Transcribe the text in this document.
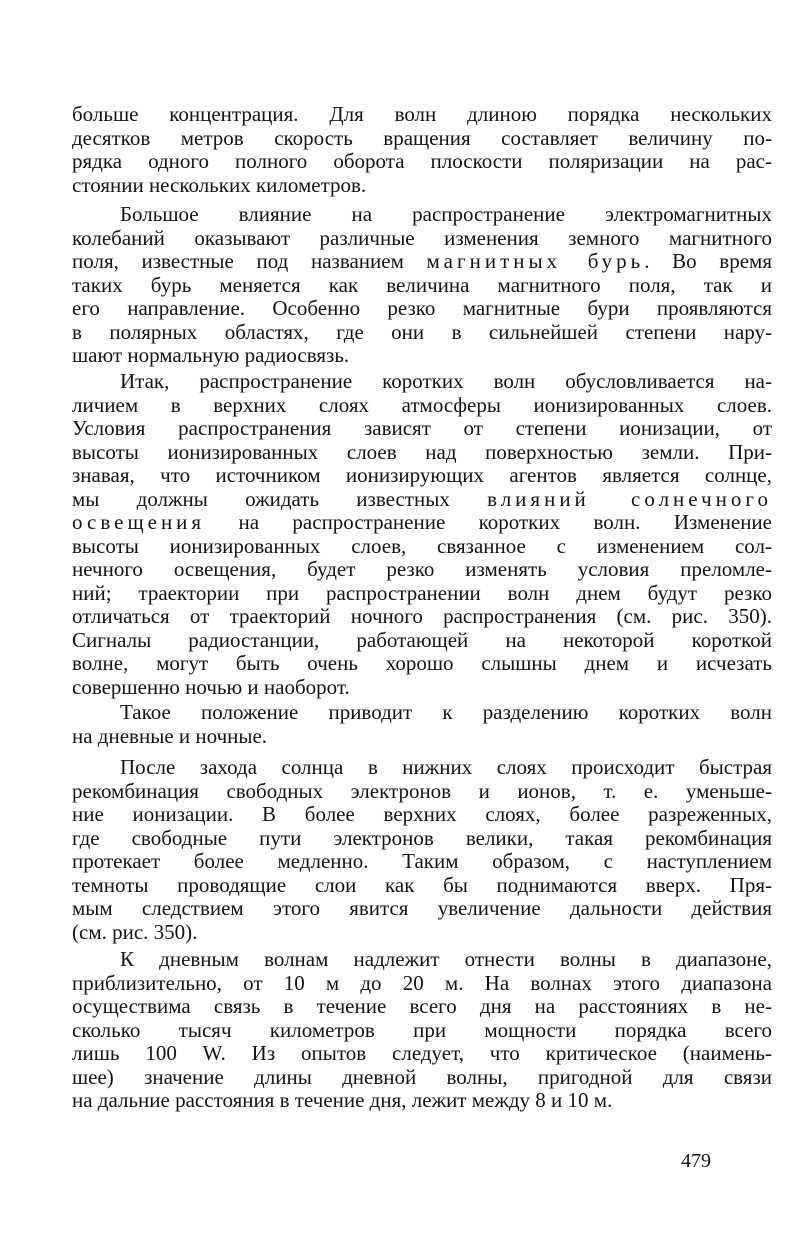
больше концентрация. Для волн длиною порядка нескольких
десятков метров скорость вращения составляет величину по-
рядка одного полного оборота плоскости поляризации на рас-
стоянии нескольких километров.
Большое влияние на распространение электромагнитных
колебаний оказывают различные изменения земного магнитного
поля, известные под названием магнитных бурь. Во время
таких бурь меняется как величина магнитного поля, так и
его направление. Особенно резко магнитные бури проявляются
в полярных областях, где они в сильнейшей степени нару-
шают нормальную радиосвязь.
Итак, распространение коротких волн обусловливается на-
личием в верхних слоях атмосферы ионизированных слоев.
Условия распространения зависят от степени ионизации, от
высоты ионизированных слоев над поверхностью земли. При-
знавая, что источником ионизирующих агентов является солнце,
мы должны ожидать известных влияний солнечного
освещения на распространение коротких волн. Изменение
высоты ионизированных слоев, связанное с изменением сол-
нечного освещения, будет резко изменять условия преломле-
ний; траектории при распространении волн днем будут резко
отличаться от траекторий ночного распространения (см. рис. 350).
Сигналы радиостанции, работающей на некоторой короткой
волне, могут быть очень хорошо слышны днем и исчезать
совершенно ночью и наоборот.
Такое положение приводит к разделению коротких волн
на дневные и ночные.
После захода солнца в нижних слоях происходит быстрая
рекомбинация свободных электронов и ионов, т. е. уменьше-
ние ионизации. В более верхних слоях, более разреженных,
где свободные пути электронов велики, такая рекомбинация
протекает более медленно. Таким образом, с наступлением
темноты проводящие слои как бы поднимаются вверх. Пря-
мым следствием этого явится увеличение дальности действия
(см. рис. 350).
К дневным волнам надлежит отнести волны в диапазоне,
приблизительно, от 10 м до 20 м. На волнах этого диапазона
осуществима связь в течение всего дня на расстояниях в не-
сколько тысяч километров при мощности порядка всего
лишь 100 W. Из опытов следует, что критическое (наимень-
шее) значение длины дневной волны, пригодной для связи
на дальние расстояния в течение дня, лежит между 8 и 10 м.
479
